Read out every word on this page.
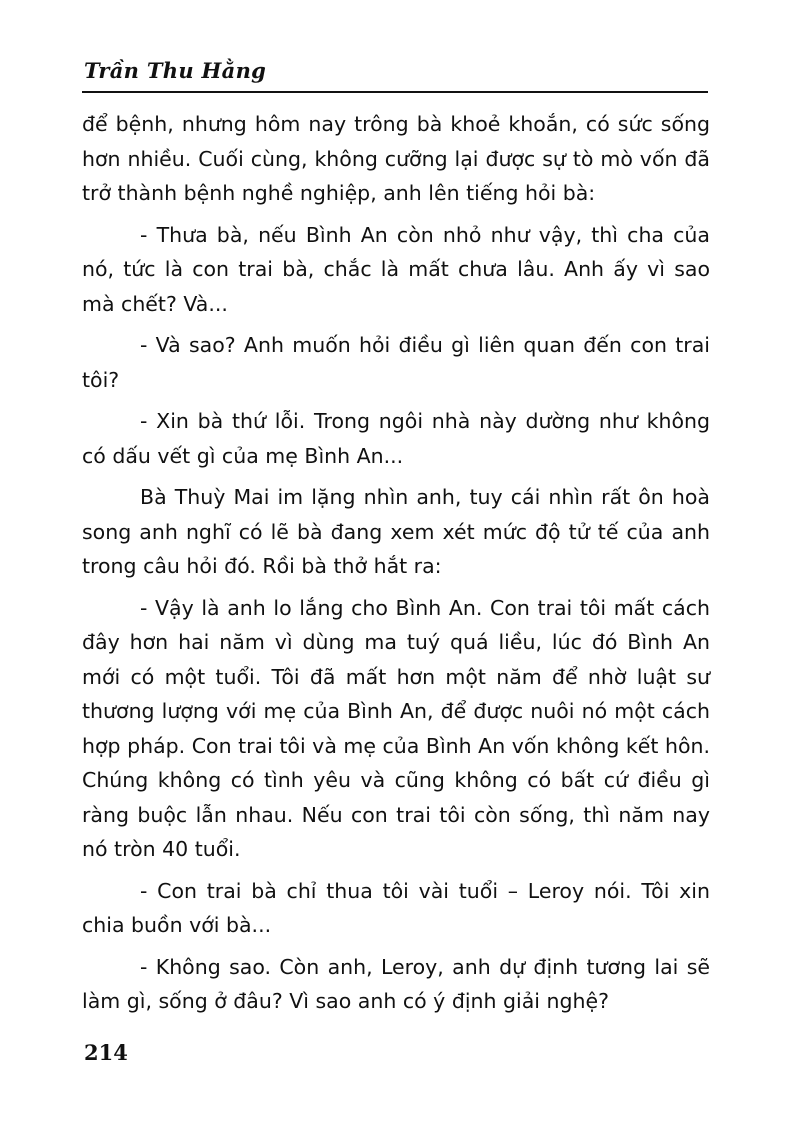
Trần Thu Hằng

để bệnh, nhưng hôm nay trông bà khoẻ khoắn, có sức sống hơn nhiều. Cuối cùng, không cưỡng lại được sự tò mò vốn đã trở thành bệnh nghề nghiệp, anh lên tiếng hỏi bà:

- Thưa bà, nếu Bình An còn nhỏ như vậy, thì cha của nó, tức là con trai bà, chắc là mất chưa lâu. Anh ấy vì sao mà chết? Và...

- Và sao? Anh muốn hỏi điều gì liên quan đến con trai tôi?

- Xin bà thứ lỗi. Trong ngôi nhà này dường như không có dấu vết gì của mẹ Bình An...

Bà Thuỳ Mai im lặng nhìn anh, tuy cái nhìn rất ôn hoà song anh nghĩ có lẽ bà đang xem xét mức độ tử tế của anh trong câu hỏi đó. Rồi bà thở hắt ra:

- Vậy là anh lo lắng cho Bình An. Con trai tôi mất cách đây hơn hai năm vì dùng ma tuý quá liều, lúc đó Bình An mới có một tuổi. Tôi đã mất hơn một năm để nhờ luật sư thương lượng với mẹ của Bình An, để được nuôi nó một cách hợp pháp. Con trai tôi và mẹ của Bình An vốn không kết hôn. Chúng không có tình yêu và cũng không có bất cứ điều gì ràng buộc lẫn nhau. Nếu con trai tôi còn sống, thì năm nay nó tròn 40 tuổi.

- Con trai bà chỉ thua tôi vài tuổi – Leroy nói. Tôi xin chia buồn với bà...

- Không sao. Còn anh, Leroy, anh dự định tương lai sẽ làm gì, sống ở đâu? Vì sao anh có ý định giải nghệ?

214
